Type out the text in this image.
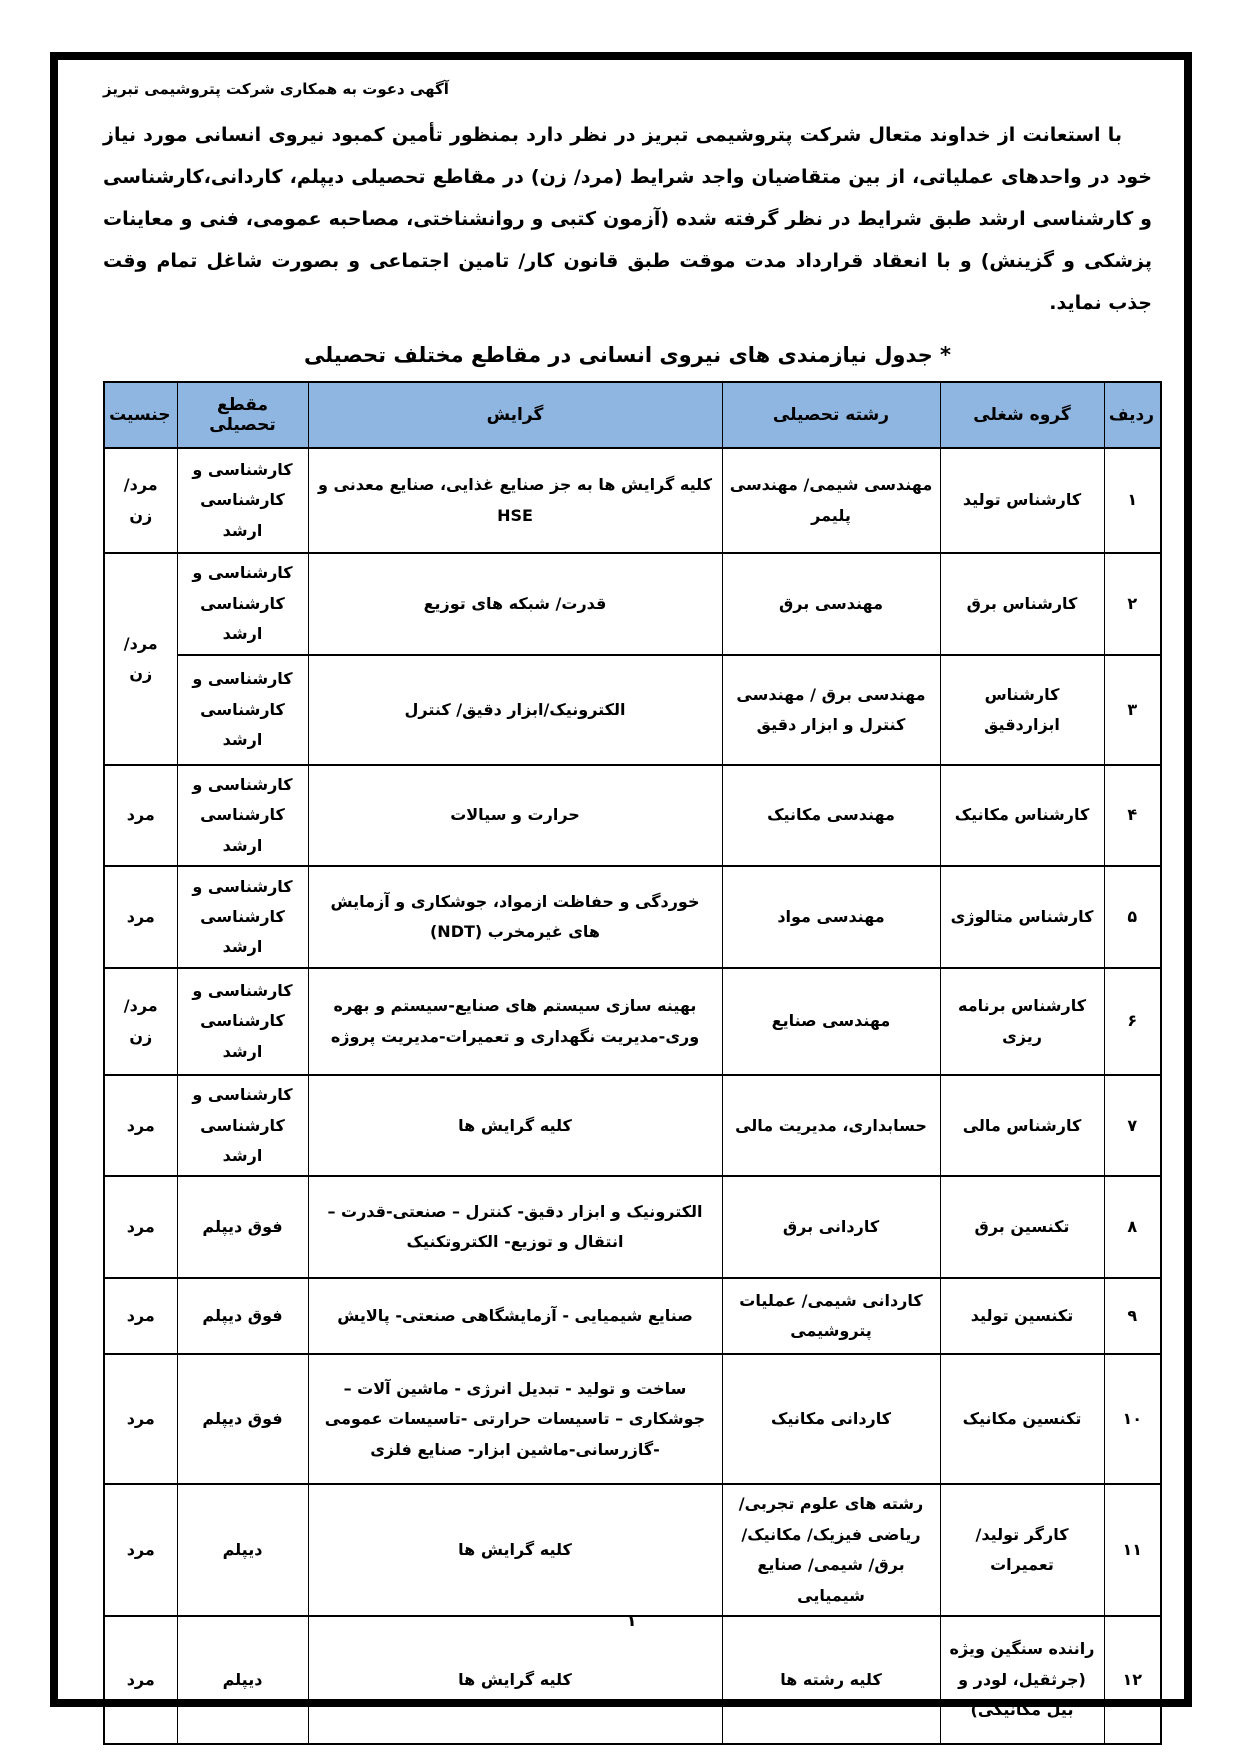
آگهی دعوت به همکاری شرکت پتروشیمی تبریز

با استعانت از خداوند متعال شرکت پتروشیمی تبریز در نظر دارد بمنظور تأمین کمبود نیروی انسانی مورد نیاز خود در واحدهای عملیاتی، از بین متقاضیان واجد شرایط (مرد/ زن) در مقاطع تحصیلی دیپلم، کاردانی،کارشناسی و کارشناسی ارشد طبق شرایط در نظر گرفته شده (آزمون کتبی و روانشناختی، مصاحبه عمومی، فنی و معاینات پزشکی و گزینش) و با انعقاد قرارداد مدت موقت طبق قانون کار/ تامین اجتماعی و بصورت شاغل تمام وقت جذب نماید.

* جدول نیازمندی های نیروی انسانی در مقاطع مختلف تحصیلی
ردیف	گروه شغلی	رشته تحصیلی	گرایش	مقطع تحصیلی	جنسیت
۱	کارشناس تولید	مهندسی شیمی/ مهندسی پلیمر	کلیه گرایش ها به جز صنایع غذایی، صنایع معدنی و HSE	کارشناسی و کارشناسی ارشد	مرد/ زن
۲	کارشناس برق	مهندسی برق	قدرت/ شبکه های توزیع	کارشناسی و کارشناسی ارشد	مرد/ زن
۳	کارشناس ابزاردقیق	مهندسی برق / مهندسی کنترل و ابزار دقیق	الکترونیک/ابزار دقیق/ کنترل	کارشناسی و کارشناسی ارشد	
۴	کارشناس مکانیک	مهندسی مکانیک	حرارت و سیالات	کارشناسی و کارشناسی ارشد	مرد
۵	کارشناس متالوژی	مهندسی مواد	خوردگی و حفاظت ازمواد، جوشکاری و آزمایش های غیرمخرب (NDT)	کارشناسی و کارشناسی ارشد	مرد
۶	کارشناس برنامه ریزی	مهندسی صنایع	بهینه سازی سیستم های صنایع-سیستم و بهره وری-مدیریت نگهداری و تعمیرات-مدیریت پروژه	کارشناسی و کارشناسی ارشد	مرد/ زن
۷	کارشناس مالی	حسابداری، مدیریت مالی	کلیه گرایش ها	کارشناسی و کارشناسی ارشد	مرد
۸	تکنسین برق	کاردانی برق	الکترونیک و ابزار دقیق- کنترل – صنعتی-قدرت – انتقال و توزیع- الکتروتکنیک	فوق دیپلم	مرد
۹	تکنسین تولید	کاردانی شیمی/ عملیات پتروشیمی	صنایع شیمیایی - آزمایشگاهی صنعتی- پالایش	فوق دیپلم	مرد
۱۰	تکنسین مکانیک	کاردانی مکانیک	ساخت و تولید - تبدیل انرژی - ماشین آلات – جوشکاری – تاسیسات حرارتی -تاسیسات عمومی -گازرسانی-ماشین ابزار- صنایع فلزی	فوق دیپلم	مرد
۱۱	کارگر تولید/ تعمیرات	رشته های علوم تجربی/ ریاضی فیزیک/ مکانیک/ برق/ شیمی/ صنایع شیمیایی	کلیه گرایش ها	دیپلم	مرد
۱۲	راننده سنگین ویژه (جرثقیل، لودر و بیل مکانیکی)	کلیه رشته ها	کلیه گرایش ها	دیپلم	مرد
۱
